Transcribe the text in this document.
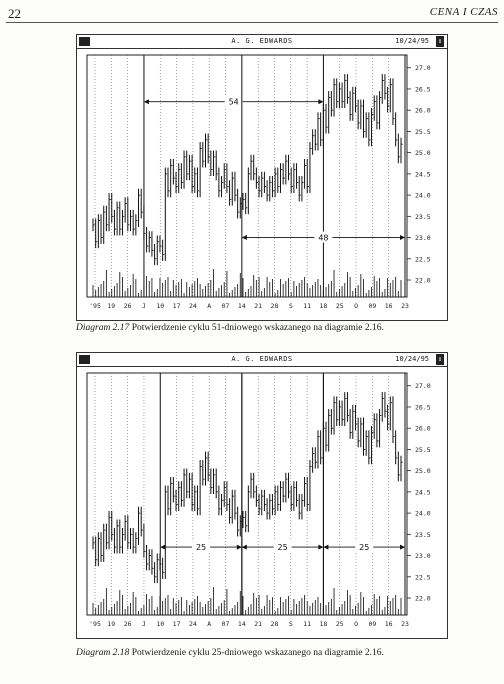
22	CENA I CZAS
A. G. EDWARDS	10/24/95 ⇕
27.0
26.5
26.0
25.5
25.0
24.5
24.0
23.5
23.0
22.5
22.0
'95 19 26 J 10 17 24 A 07 14 21 28 S 11 18 25 O 09 16 23
54
48
Diagram 2.17 Potwierdzenie cyklu 51-dniowego wskazanego na diagramie 2.16.
A. G. EDWARDS	10/24/95 ⇕
27.0
26.5
26.0
25.5
25.0
24.5
24.0
23.5
23.0
22.5
22.0
'95 19 26 J 10 17 24 A 07 14 21 28 S 11 18 25 O 09 16 23
25	25	25
Diagram 2.18 Potwierdzenie cyklu 25-dniowego wskazanego na diagramie 2.16.
